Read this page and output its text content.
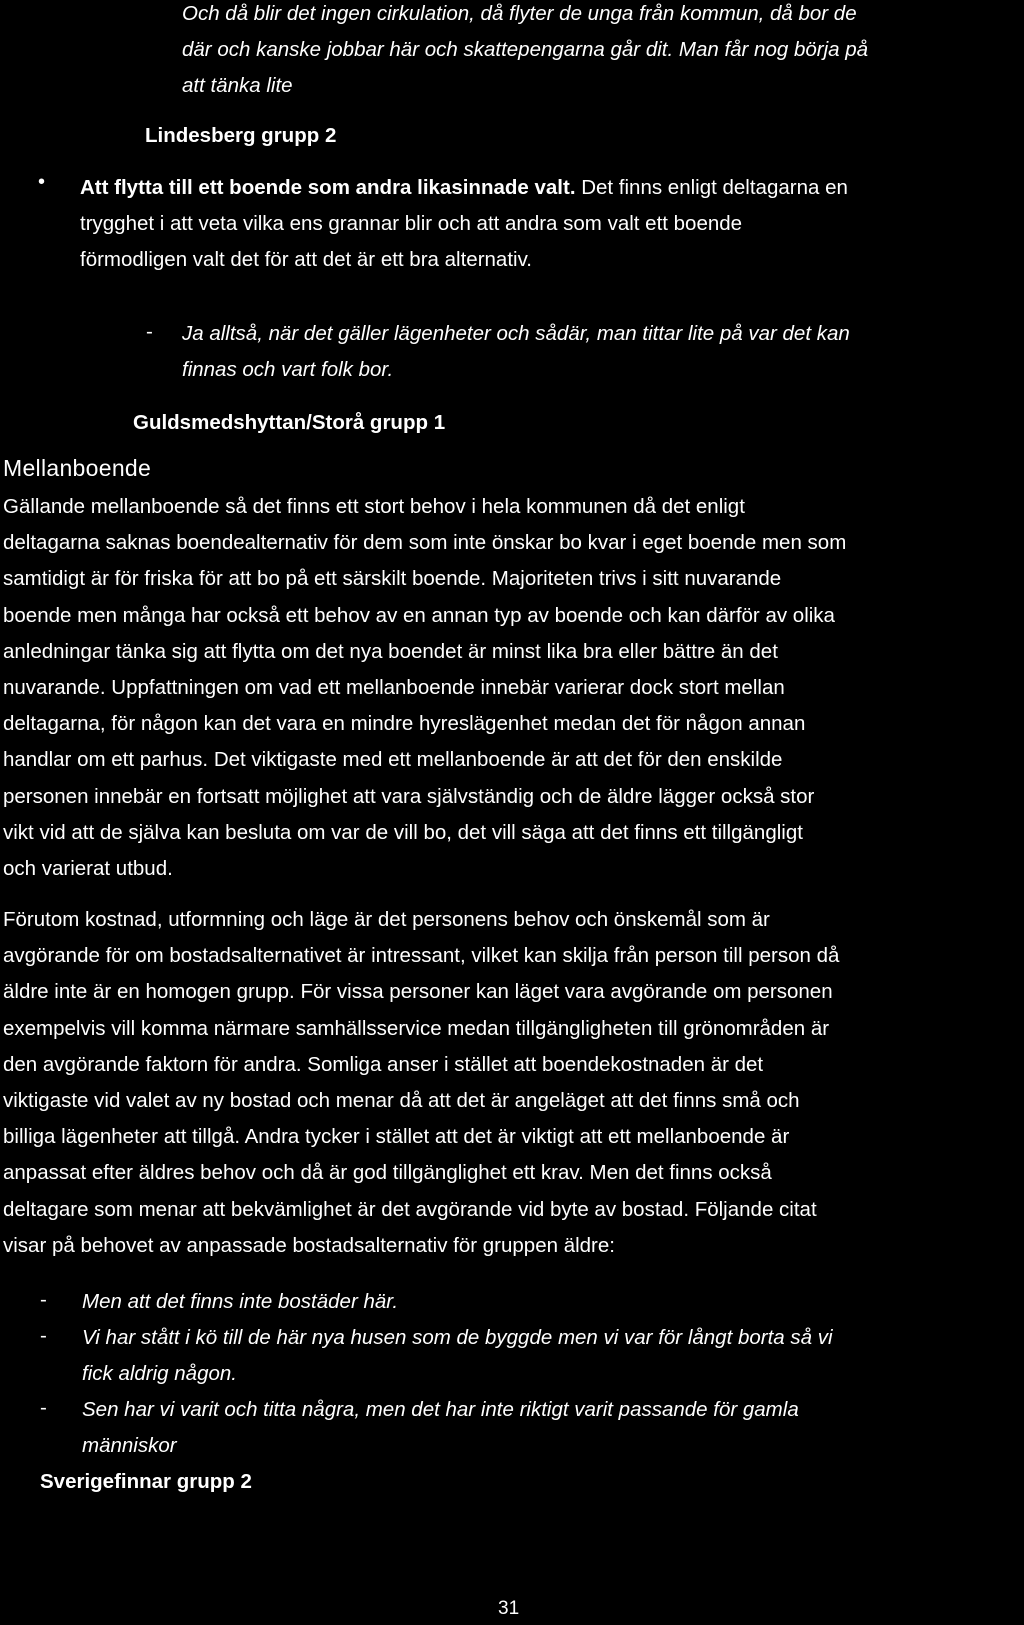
Och då blir det ingen cirkulation, då flyter de unga från kommun, då bor de
där och kanske jobbar här och skattepengarna går dit. Man får nog börja på
att tänka lite
Lindesberg grupp 2
• Att flytta till ett boende som andra likasinnade valt. Det finns enligt deltagarna en
trygghet i att veta vilka ens grannar blir och att andra som valt ett boende
förmodligen valt det för att det är ett bra alternativ.
- Ja alltså, när det gäller lägenheter och sådär, man tittar lite på var det kan
finnas och vart folk bor.
Guldsmedshyttan/Storå grupp 1
Mellanboende
Gällande mellanboende så det finns ett stort behov i hela kommunen då det enligt
deltagarna saknas boendealternativ för dem som inte önskar bo kvar i eget boende men som
samtidigt är för friska för att bo på ett särskilt boende. Majoriteten trivs i sitt nuvarande
boende men många har också ett behov av en annan typ av boende och kan därför av olika
anledningar tänka sig att flytta om det nya boendet är minst lika bra eller bättre än det
nuvarande. Uppfattningen om vad ett mellanboende innebär varierar dock stort mellan
deltagarna, för någon kan det vara en mindre hyreslägenhet medan det för någon annan
handlar om ett parhus. Det viktigaste med ett mellanboende är att det för den enskilde
personen innebär en fortsatt möjlighet att vara självständig och de äldre lägger också stor
vikt vid att de själva kan besluta om var de vill bo, det vill säga att det finns ett tillgängligt
och varierat utbud.
Förutom kostnad, utformning och läge är det personens behov och önskemål som är
avgörande för om bostadsalternativet är intressant, vilket kan skilja från person till person då
äldre inte är en homogen grupp. För vissa personer kan läget vara avgörande om personen
exempelvis vill komma närmare samhällsservice medan tillgängligheten till grönområden är
den avgörande faktorn för andra. Somliga anser i stället att boendekostnaden är det
viktigaste vid valet av ny bostad och menar då att det är angeläget att det finns små och
billiga lägenheter att tillgå. Andra tycker i stället att det är viktigt att ett mellanboende är
anpassat efter äldres behov och då är god tillgänglighet ett krav. Men det finns också
deltagare som menar att bekvämlighet är det avgörande vid byte av bostad. Följande citat
visar på behovet av anpassade bostadsalternativ för gruppen äldre:
- Men att det finns inte bostäder här.
- Vi har stått i kö till de här nya husen som de byggde men vi var för långt borta så vi
fick aldrig någon.
- Sen har vi varit och titta några, men det har inte riktigt varit passande för gamla
människor
Sverigefinnar grupp 2
31
